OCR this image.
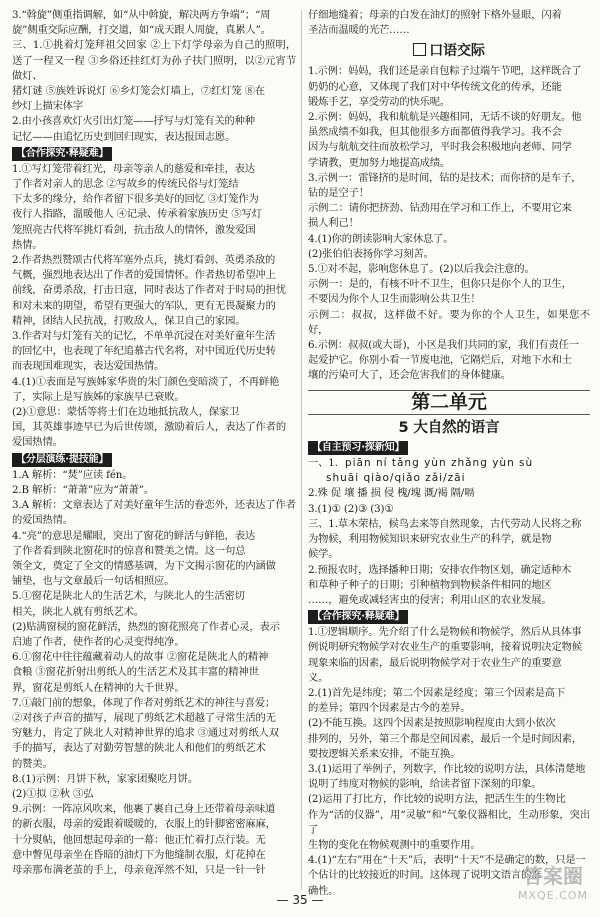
3.“斡旋”侧重指调解，如“从中斡旋，解决两方争端”；“周

旋”侧重交际应酬，打交道，如“成天跟人周旋，真累人”。

三、1.①挑着灯笼拜祖父回家 ②上下灯学母亲为自己的照明，送了一程又一程 ③乡俗还挂红灯为孙子扶门照明，以②元宵节做灯、

猪灯谜 ⑤族姓诉说灯 ⑥乡灯笼会灯墙上，⑦红灯笼 ⑧在

纱灯上描宋体字

2.由小孩喜欢灯火引出灯笼——抒写与灯笼有关的种种

记忆——由追忆历史到回归现实，表达报国志愿。

【合作探究·释疑难】

1.①写灯笼带着红光，母亲等亲人的慈爱和牵挂，表达

了作者对亲人的思念 ②写故乡的传统民俗与灯笼结

下太多的缘分，给作者留下很多美好的回忆 ③灯笼作为

夜行人指路，温暖他人 ④记录、传承着家族历史 ⑤写灯

笼照亮古代将军挑灯看剑，抗击敌人的情怀，激发爱国

热情。

2.作者热烈赞颂古代将军塞外点兵，挑灯看剑、英勇杀敌的

气概，强烈地表达出了作者的爱国情怀。作者热切希望冲上

前线，奋勇杀敌，打击日寇，同时表达了作者对于时局的担忧

和对未来的期望，希望有更强大的军队，更有无畏凝聚力的

精神，团结人民抗战，打败敌人，保卫自己的家园。

3.作者对与灯笼有关的记忆，不单单沉浸在对美好童年生活

的回忆中，也表现了年纪追慕古代名将，对中国近代历史转

而表现国难现实，表达爱国热情。

4.(1)①表面是写族姊家华贵的朱门颜色变暗淡了，不再鲜艳

了，实际上是写族姊的家族早已衰败。

(2)①意思：蒙恬等将士们在边地抵抗敌人，保家卫

国，其英雄事迹早已为后世传颂，激励着后人，表达了作者的

爱国热情。

【分层演练·提技能】

1.A 解析：“焚”应读 fén。

2.B 解析：“萧萧”应为“萧萧”。

3.A 解析：文章表达了对美好童年生活的眷恋外，还表达了作者

的爱国热情。

4.“亮”的意思是耀眼，突出了窗花的鲜活与鲜艳，表达

了作者看到陕北窗花时的惊喜和赞美之情。这一句总

领全文，奠定了全文的情感基调，为下文揭示窗花的内涵做

铺垫，也与文章最后一句话相照应。

5.①窗花是陕北人的生活艺术，与陕北人的生活密切

相关，陕北人就有剪纸艺术。

(2)贴满窗棂的窗花鲜活，热烈的窗花照亮了作者心灵，表示

启迪了作者，使作者的心灵变得纯净。

6.①窗花中往往蕴藏着动人的故事 ②窗花是陕北人的精神

食粮 ③窗花折射出剪纸人的生活艺术及其丰富的精神世

界，窗花是剪纸人在精神的大千世界。

7.①敲门前的想象，体现了作者对剪纸艺术的神往与喜爱；

②对孩子声音的描写，展现了剪纸艺术超越了寻常生活的无

穷魅力，肯定了陕北人对精神世界的追求 ③通过对剪纸人双

手的描写，表达了对勤劳智慧的陕北人和他们的剪纸艺术

的赞美。

8.(1)示例：月饼下秋，家家团聚吃月饼。

(2)①拟 ②秋 ③弘

9.示例：一阵凉风吹来，他裹了裹自己身上还带着母亲味道

的新衣服，母亲的爱跟着暖暖的，衣服上的针脚密密麻麻，

十分熨帖，他回想起母亲的一幕：他正忙着打点行装。无

意中瞥见母亲坐在昏暗的油灯下为他缝制衣服，灯花掉在

母亲那布满老茧的手上，母亲竟浑然不知，只是一针一针

仔细地缝着；母亲的白发在油灯的照射下格外显眼，闪着

圣洁而温暖的光芒……

口语交际

1.示例：妈妈，我们还是亲自包粽子过端午节吧，这样既合了

奶奶的心意，又体现了我们对中华传统文化的传承，还能

锻炼手艺，享受劳动的快乐呢。

2.示例：妈妈，我和航航是兴趣相同，无话不谈的好朋友。他

虽然成绩不如我，但其他很多方面都值得我学习。我不会

因为与航航交往而放松学习，平时我会积极地向老师、同学

学请教，更加努力地提高成绩。

3.示例一：雷锋挤的是时间，钻的是技术；而你挤的是车子，

钻的是空子！

示例二：请你把挤劲、钻劲用在学习和工作上，不要用它来

损人利己！

4.(1)你的朗读影响大家休息了。

(2)张伯伯表扬你学习刻苦。

5.①对不起，影响您休息了。(2)以后我会注意的。

示例一：是的，有核不叶不卫生，但你只是你个人的卫生，

不要因为你个人卫生而影响公共卫生！

示例二：叔叔，这样做不好。要为你的个人卫生，如果您不好，

6.示例：叔叔(或大哥)，小区是我们共同的家，我们有责任一

起爱护它。你别小看一节废电池，它隔烂后，对地下水和土

壤的污染可大了，还会危害我们的身体健康。

第二单元
5 大自然的语言
【自主预习·探新知】

一、1. piān ní tǎng yùn zhǎng yùn sù

shuāi qiào/qiǎo zǎi/zāi

2.殊 促 壤 播 损 侵 槐/塊 溉/褐 隔/嗝

3.(1)① (2)③ (3)①

三、1.草木荣枯，候鸟去来等自然现象，古代劳动人民将之称

为物候，利用物候知识来研究农业生产的科学，就是物

候学。

2.预报农时，选择播种日期；安排农作物区划，确定适种木

和草种子种子的日期；引种植物到物候条件相同的地区

……，避免或减轻害虫的侵害；利用山区的农业发展。

【合作探究·释疑难】

1.①逻辑顺序。先介绍了什么是物候和物候学，然后从具体事

例说明研究物候学对农业生产的重要影响，接着说明决定物候

现象来临的因素，最后说明物候学对于农业生产的重要意

义。

2.(1)首先是纬度；第二个因素是经度；第三个因素是高下

的差异；第四个因素是古今的差异。

(2)不能互换。这四个因素是按照影响程度由大到小依次

排列的，另外，第三个都是空间因素，最后一个是时间因素，

要按逻辑关系来安排，不能互换。

3.(1)运用了举例子，列数字，作比较的说明方法，具体清楚地

说明了纬度对物候的影响，给读者留下深刻的印象。

(2)运用了打比方，作比较的说明方法，把活生生的生物比

作为“活的仪器”，用“灵敏”和“气象仪器相比，生动形象，突出了

生物的变化在物候观测中的重要作用。

4.(1)“左右”用在“十天”后，表明“十天”不是确定的数，只是一

个估计的比较接近的时间。这体现了说明文语言的准

确性。

— 35 —
答案圈
MXQE.COM
